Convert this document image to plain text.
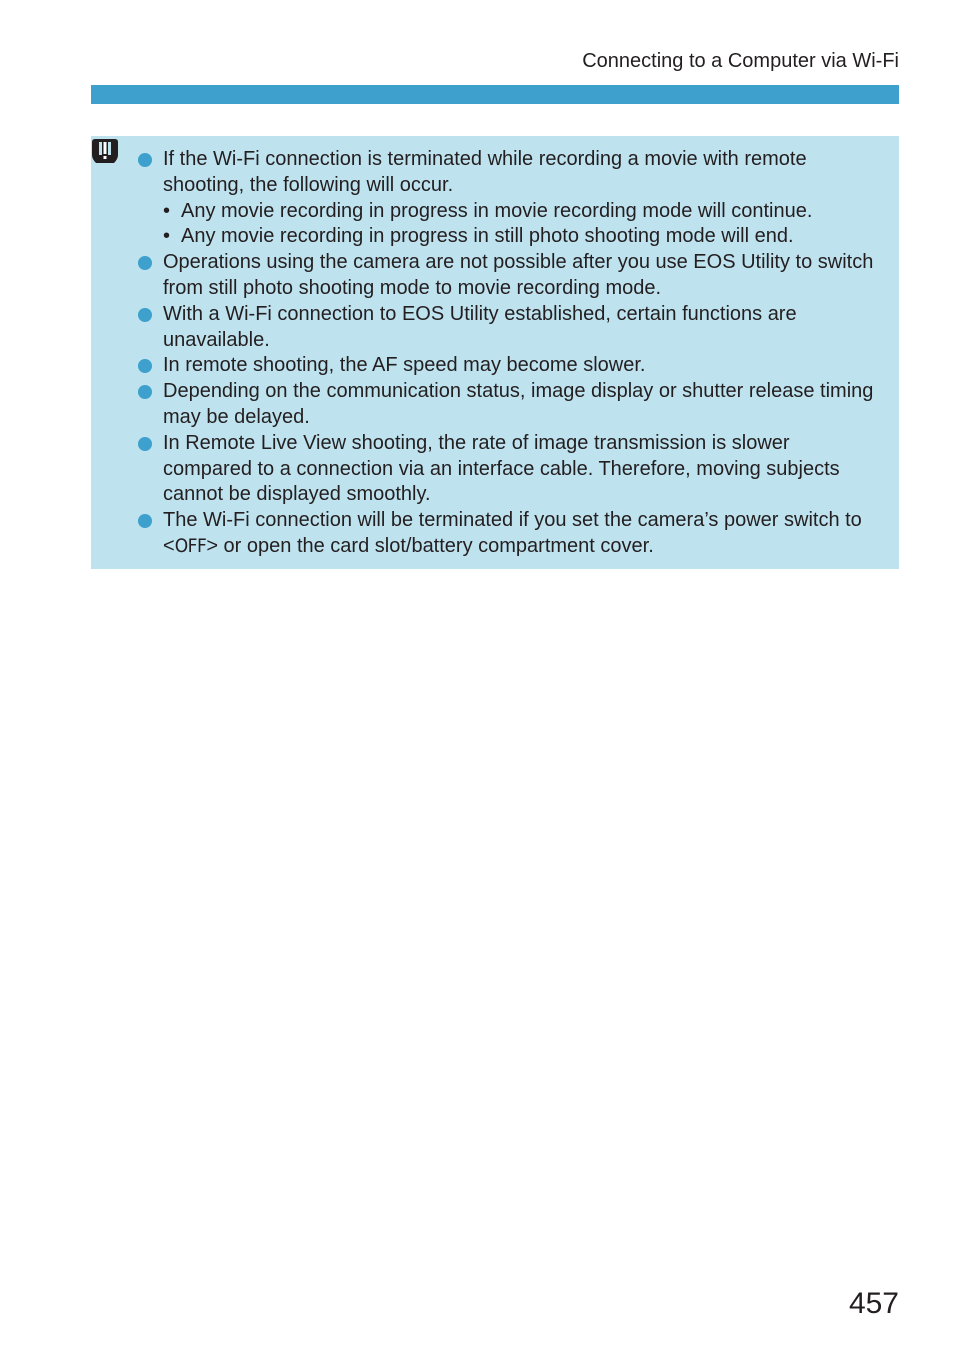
Connecting to a Computer via Wi-Fi
If the Wi-Fi connection is terminated while recording a movie with remote shooting, the following will occur.
• Any movie recording in progress in movie recording mode will continue.
• Any movie recording in progress in still photo shooting mode will end.
Operations using the camera are not possible after you use EOS Utility to switch from still photo shooting mode to movie recording mode.
With a Wi-Fi connection to EOS Utility established, certain functions are unavailable.
In remote shooting, the AF speed may become slower.
Depending on the communication status, image display or shutter release timing may be delayed.
In Remote Live View shooting, the rate of image transmission is slower compared to a connection via an interface cable. Therefore, moving subjects cannot be displayed smoothly.
The Wi-Fi connection will be terminated if you set the camera’s power switch to <OFF> or open the card slot/battery compartment cover.
457
